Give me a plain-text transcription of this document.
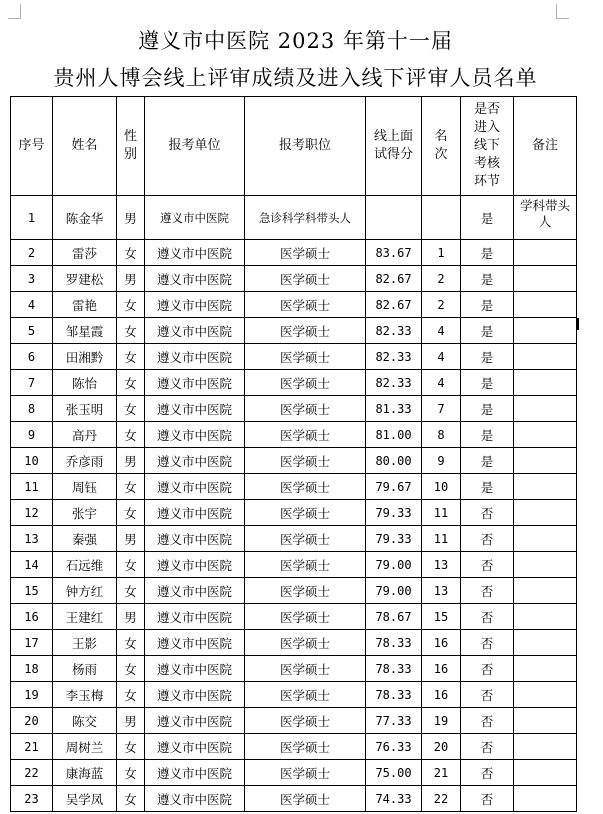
遵义市中医院 2023 年第十一届
贵州人博会线上评审成绩及进入线下评审人员名单
序号	姓名	性别	报考单位	报考职位	线上面试得分	名次	是否进入线下考核环节	备注
1	陈金华	男	遵义市中医院	急诊科学科带头人			是	学科带头人
2	雷莎	女	遵义市中医院	医学硕士	83.67	1	是	
3	罗建松	男	遵义市中医院	医学硕士	82.67	2	是	
4	雷艳	女	遵义市中医院	医学硕士	82.67	2	是	
5	邹星霞	女	遵义市中医院	医学硕士	82.33	4	是	
6	田湘黔	女	遵义市中医院	医学硕士	82.33	4	是	
7	陈怡	女	遵义市中医院	医学硕士	82.33	4	是	
8	张玉明	女	遵义市中医院	医学硕士	81.33	7	是	
9	高丹	女	遵义市中医院	医学硕士	81.00	8	是	
10	乔彦雨	男	遵义市中医院	医学硕士	80.00	9	是	
11	周钰	女	遵义市中医院	医学硕士	79.67	10	是	
12	张宇	女	遵义市中医院	医学硕士	79.33	11	否	
13	秦强	男	遵义市中医院	医学硕士	79.33	11	否	
14	石远维	女	遵义市中医院	医学硕士	79.00	13	否	
15	钟方红	女	遵义市中医院	医学硕士	79.00	13	否	
16	王建红	男	遵义市中医院	医学硕士	78.67	15	否	
17	王影	女	遵义市中医院	医学硕士	78.33	16	否	
18	杨雨	女	遵义市中医院	医学硕士	78.33	16	否	
19	李玉梅	女	遵义市中医院	医学硕士	78.33	16	否	
20	陈交	男	遵义市中医院	医学硕士	77.33	19	否	
21	周树兰	女	遵义市中医院	医学硕士	76.33	20	否	
22	康海蓝	女	遵义市中医院	医学硕士	75.00	21	否	
23	吴学凤	女	遵义市中医院	医学硕士	74.33	22	否	
